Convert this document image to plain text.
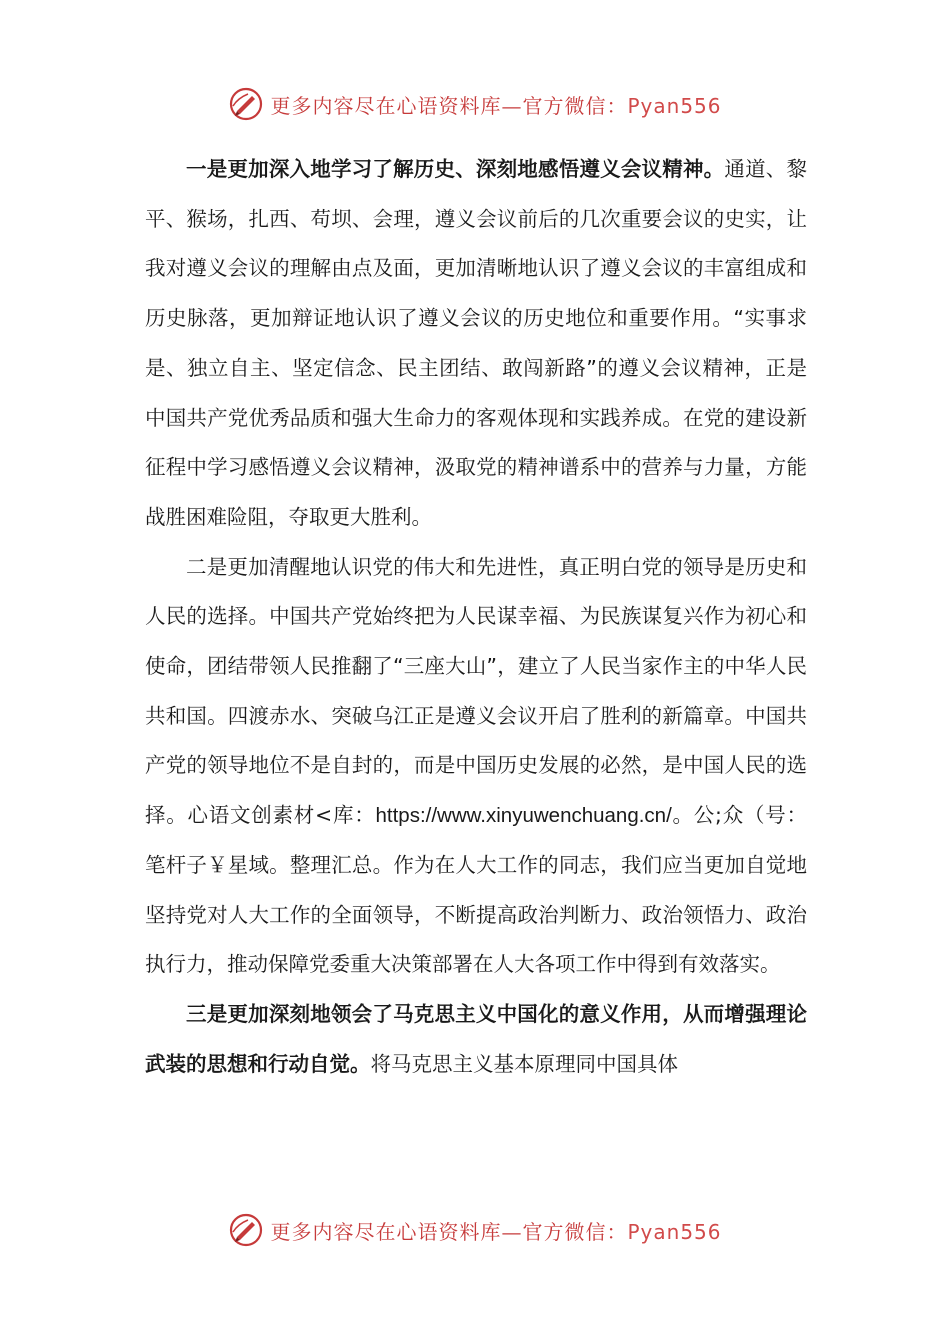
更多内容尽在心语资料库—官方微信：Pyan556

一是更加深入地学习了解历史、深刻地感悟遵义会议精神。通道、黎平、猴场，扎西、苟坝、会理，遵义会议前后的几次重要会议的史实，让我对遵义会议的理解由点及面，更加清晰地认识了遵义会议的丰富组成和历史脉落，更加辩证地认识了遵义会议的历史地位和重要作用。“实事求是、独立自主、坚定信念、民主团结、敢闯新路”的遵义会议精神，正是中国共产党优秀品质和强大生命力的客观体现和实践养成。在党的建设新征程中学习感悟遵义会议精神，汲取党的精神谱系中的营养与力量，方能战胜困难险阻，夺取更大胜利。

二是更加清醒地认识党的伟大和先进性，真正明白党的领导是历史和人民的选择。中国共产党始终把为人民谋幸福、为民族谋复兴作为初心和使命，团结带领人民推翻了“三座大山”，建立了人民当家作主的中华人民共和国。四渡赤水、突破乌江正是遵义会议开启了胜利的新篇章。中国共产党的领导地位不是自封的，而是中国历史发展的必然，是中国人民的选择。心语文创素材<库：https://www.xinyuwenchuang.cn/。公;众（号：笔杆子￥星域。整理汇总。作为在人大工作的同志，我们应当更加自觉地坚持党对人大工作的全面领导，不断提高政治判断力、政治领悟力、政治执行力，推动保障党委重大决策部署在人大各项工作中得到有效落实。

三是更加深刻地领会了马克思主义中国化的意义作用，从而增强理论武装的思想和行动自觉。将马克思主义基本原理同中国具体

更多内容尽在心语资料库—官方微信：Pyan556
